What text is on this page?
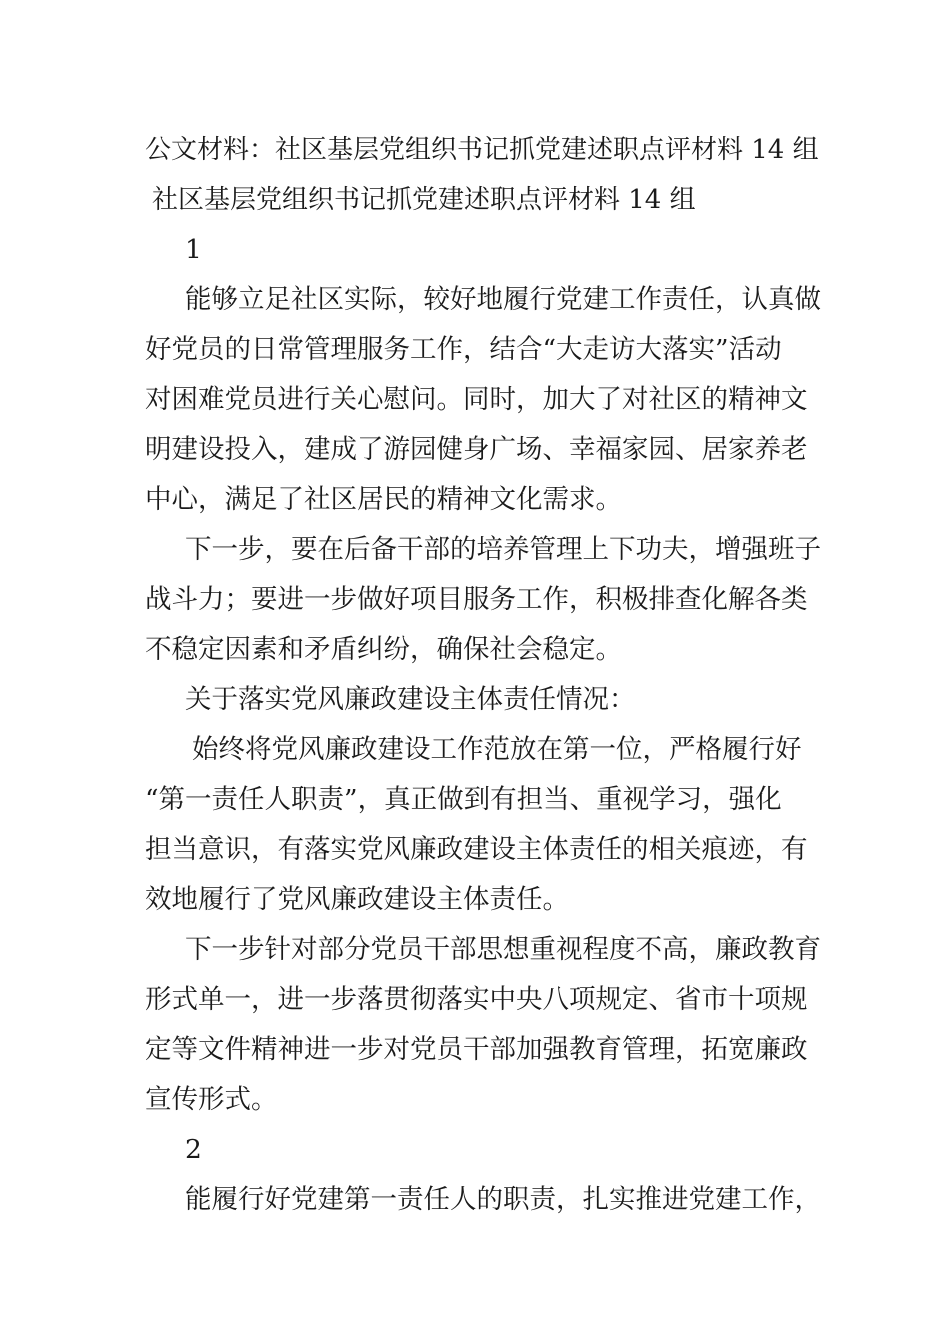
公文材料：社区基层党组织书记抓党建述职点评材料 14 组
社区基层党组织书记抓党建述职点评材料 14 组
1
能够立足社区实际，较好地履行党建工作责任，认真做
好党员的日常管理服务工作，结合“大走访大落实”活动
对困难党员进行关心慰问。同时，加大了对社区的精神文
明建设投入，建成了游园健身广场、幸福家园、居家养老
中心，满足了社区居民的精神文化需求。
下一步，要在后备干部的培养管理上下功夫，增强班子
战斗力；要进一步做好项目服务工作，积极排查化解各类
不稳定因素和矛盾纠纷，确保社会稳定。
关于落实党风廉政建设主体责任情况：
始终将党风廉政建设工作范放在第一位，严格履行好
“第一责任人职责”，真正做到有担当、重视学习，强化
担当意识，有落实党风廉政建设主体责任的相关痕迹，有
效地履行了党风廉政建设主体责任。
下一步针对部分党员干部思想重视程度不高，廉政教育
形式单一，进一步落贯彻落实中央八项规定、省市十项规
定等文件精神进一步对党员干部加强教育管理，拓宽廉政
宣传形式。
2
能履行好党建第一责任人的职责，扎实推进党建工作，
